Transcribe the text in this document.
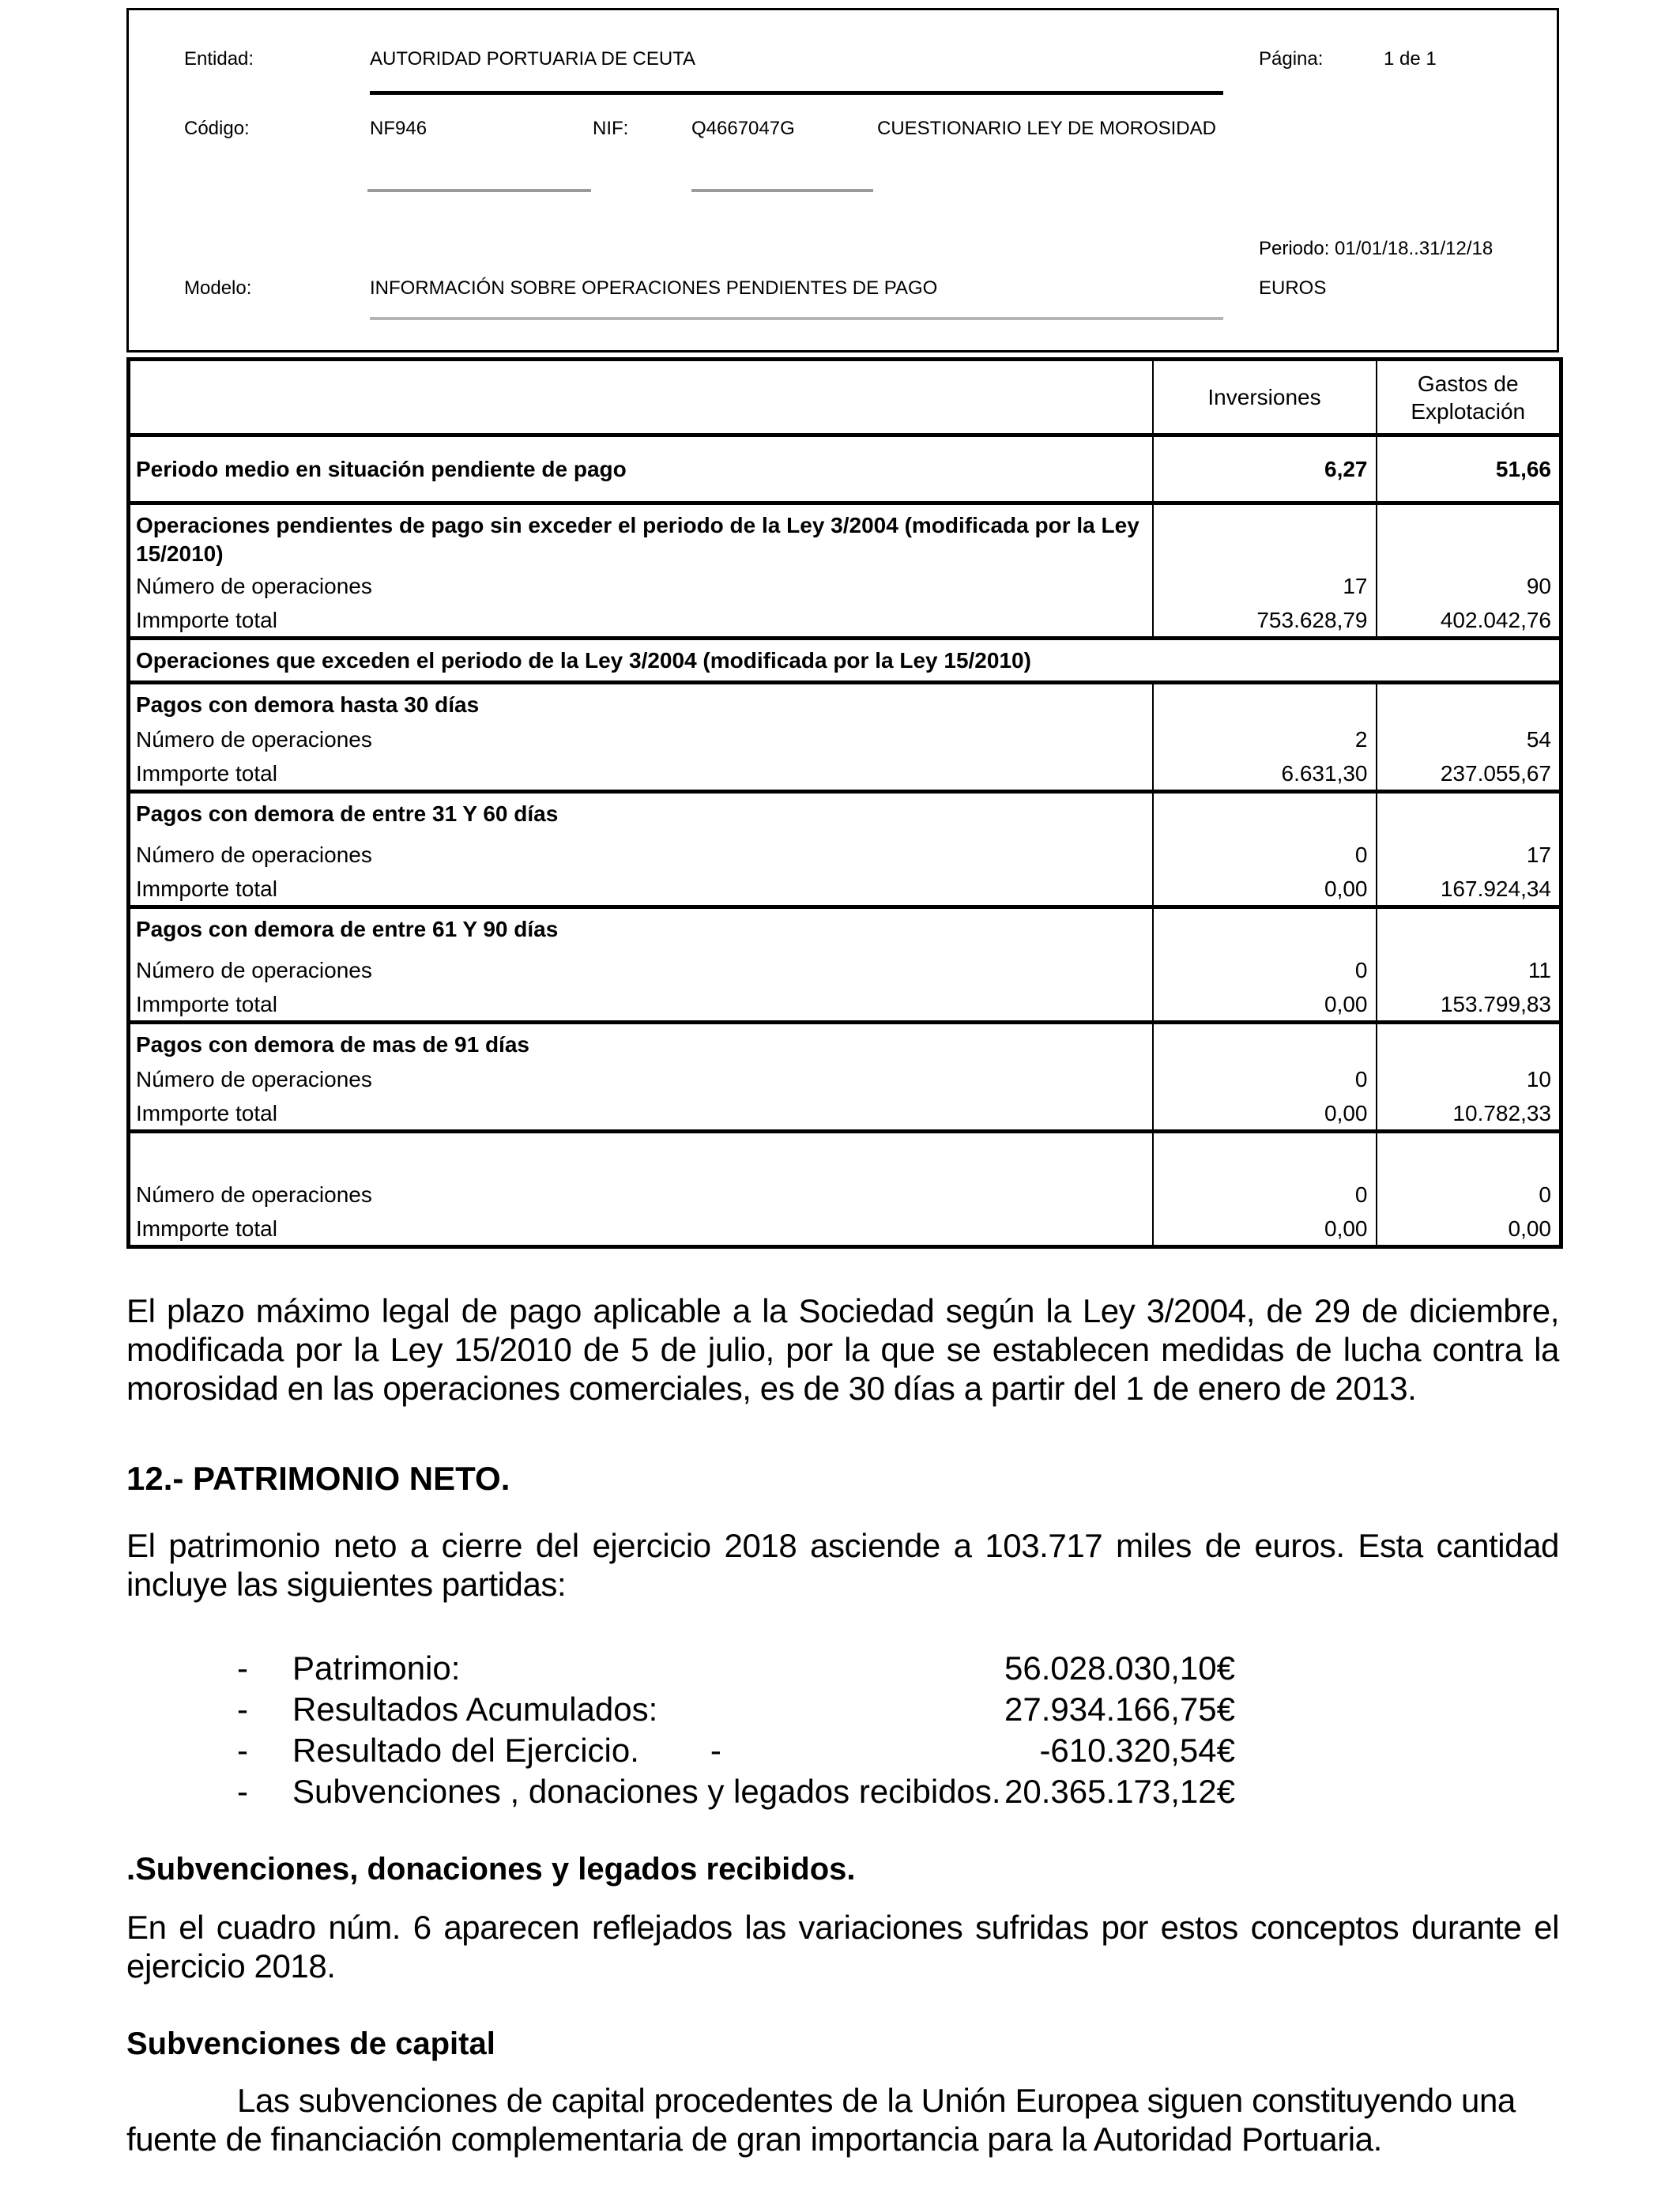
Entidad:	AUTORIDAD PORTUARIA DE CEUTA	Página:	1 de 1
Código:	NF946	NIF:	Q4667047G	CUESTIONARIO LEY DE MOROSIDAD
Periodo: 01/01/18..31/12/18
Modelo:	INFORMACIÓN SOBRE OPERACIONES PENDIENTES DE PAGO	EUROS
	Inversiones	Gastos de Explotación
Periodo medio en situación pendiente de pago	6,27	51,66
Operaciones pendientes de pago sin exceder el periodo de la Ley 3/2004 (modificada por la Ley 15/2010)		
Número de operaciones	17	90
Immporte total	753.628,79	402.042,76
Operaciones que exceden el periodo de la Ley 3/2004 (modificada por la Ley 15/2010)		
Pagos con demora hasta 30 días		
Número de operaciones	2	54
Immporte total	6.631,30	237.055,67
Pagos con demora de entre 31 Y 60 días		
Número de operaciones	0	17
Immporte total	0,00	167.924,34
Pagos con demora de entre 61 Y 90 días		
Número de operaciones	0	11
Immporte total	0,00	153.799,83
Pagos con demora de mas de 91 días		
Número de operaciones	0	10
Immporte total	0,00	10.782,33

Número de operaciones	0	0
Immporte total	0,00	0,00

El plazo máximo legal de pago aplicable a la Sociedad según la Ley 3/2004, de 29 de diciembre, modificada por la Ley 15/2010 de 5 de julio, por la que se establecen medidas de lucha contra la morosidad en las operaciones comerciales, es de 30 días a partir del 1 de enero de 2013.

12.- PATRIMONIO NETO.

El patrimonio neto a cierre del ejercicio 2018 asciende a 103.717 miles de euros. Esta cantidad incluye las siguientes partidas:

-	Patrimonio:	56.028.030,10€
-	Resultados Acumulados:	27.934.166,75€
-	Resultado del Ejercicio. -	-610.320,54€
-	Subvenciones , donaciones y legados recibidos. 20.365.173,12€

.Subvenciones, donaciones y legados recibidos.

En el cuadro núm. 6 aparecen reflejados las variaciones sufridas por estos conceptos durante el ejercicio 2018.

Subvenciones de capital

Las subvenciones de capital procedentes de la Unión Europea siguen constituyendo una fuente de financiación complementaria de gran importancia para la Autoridad Portuaria.
